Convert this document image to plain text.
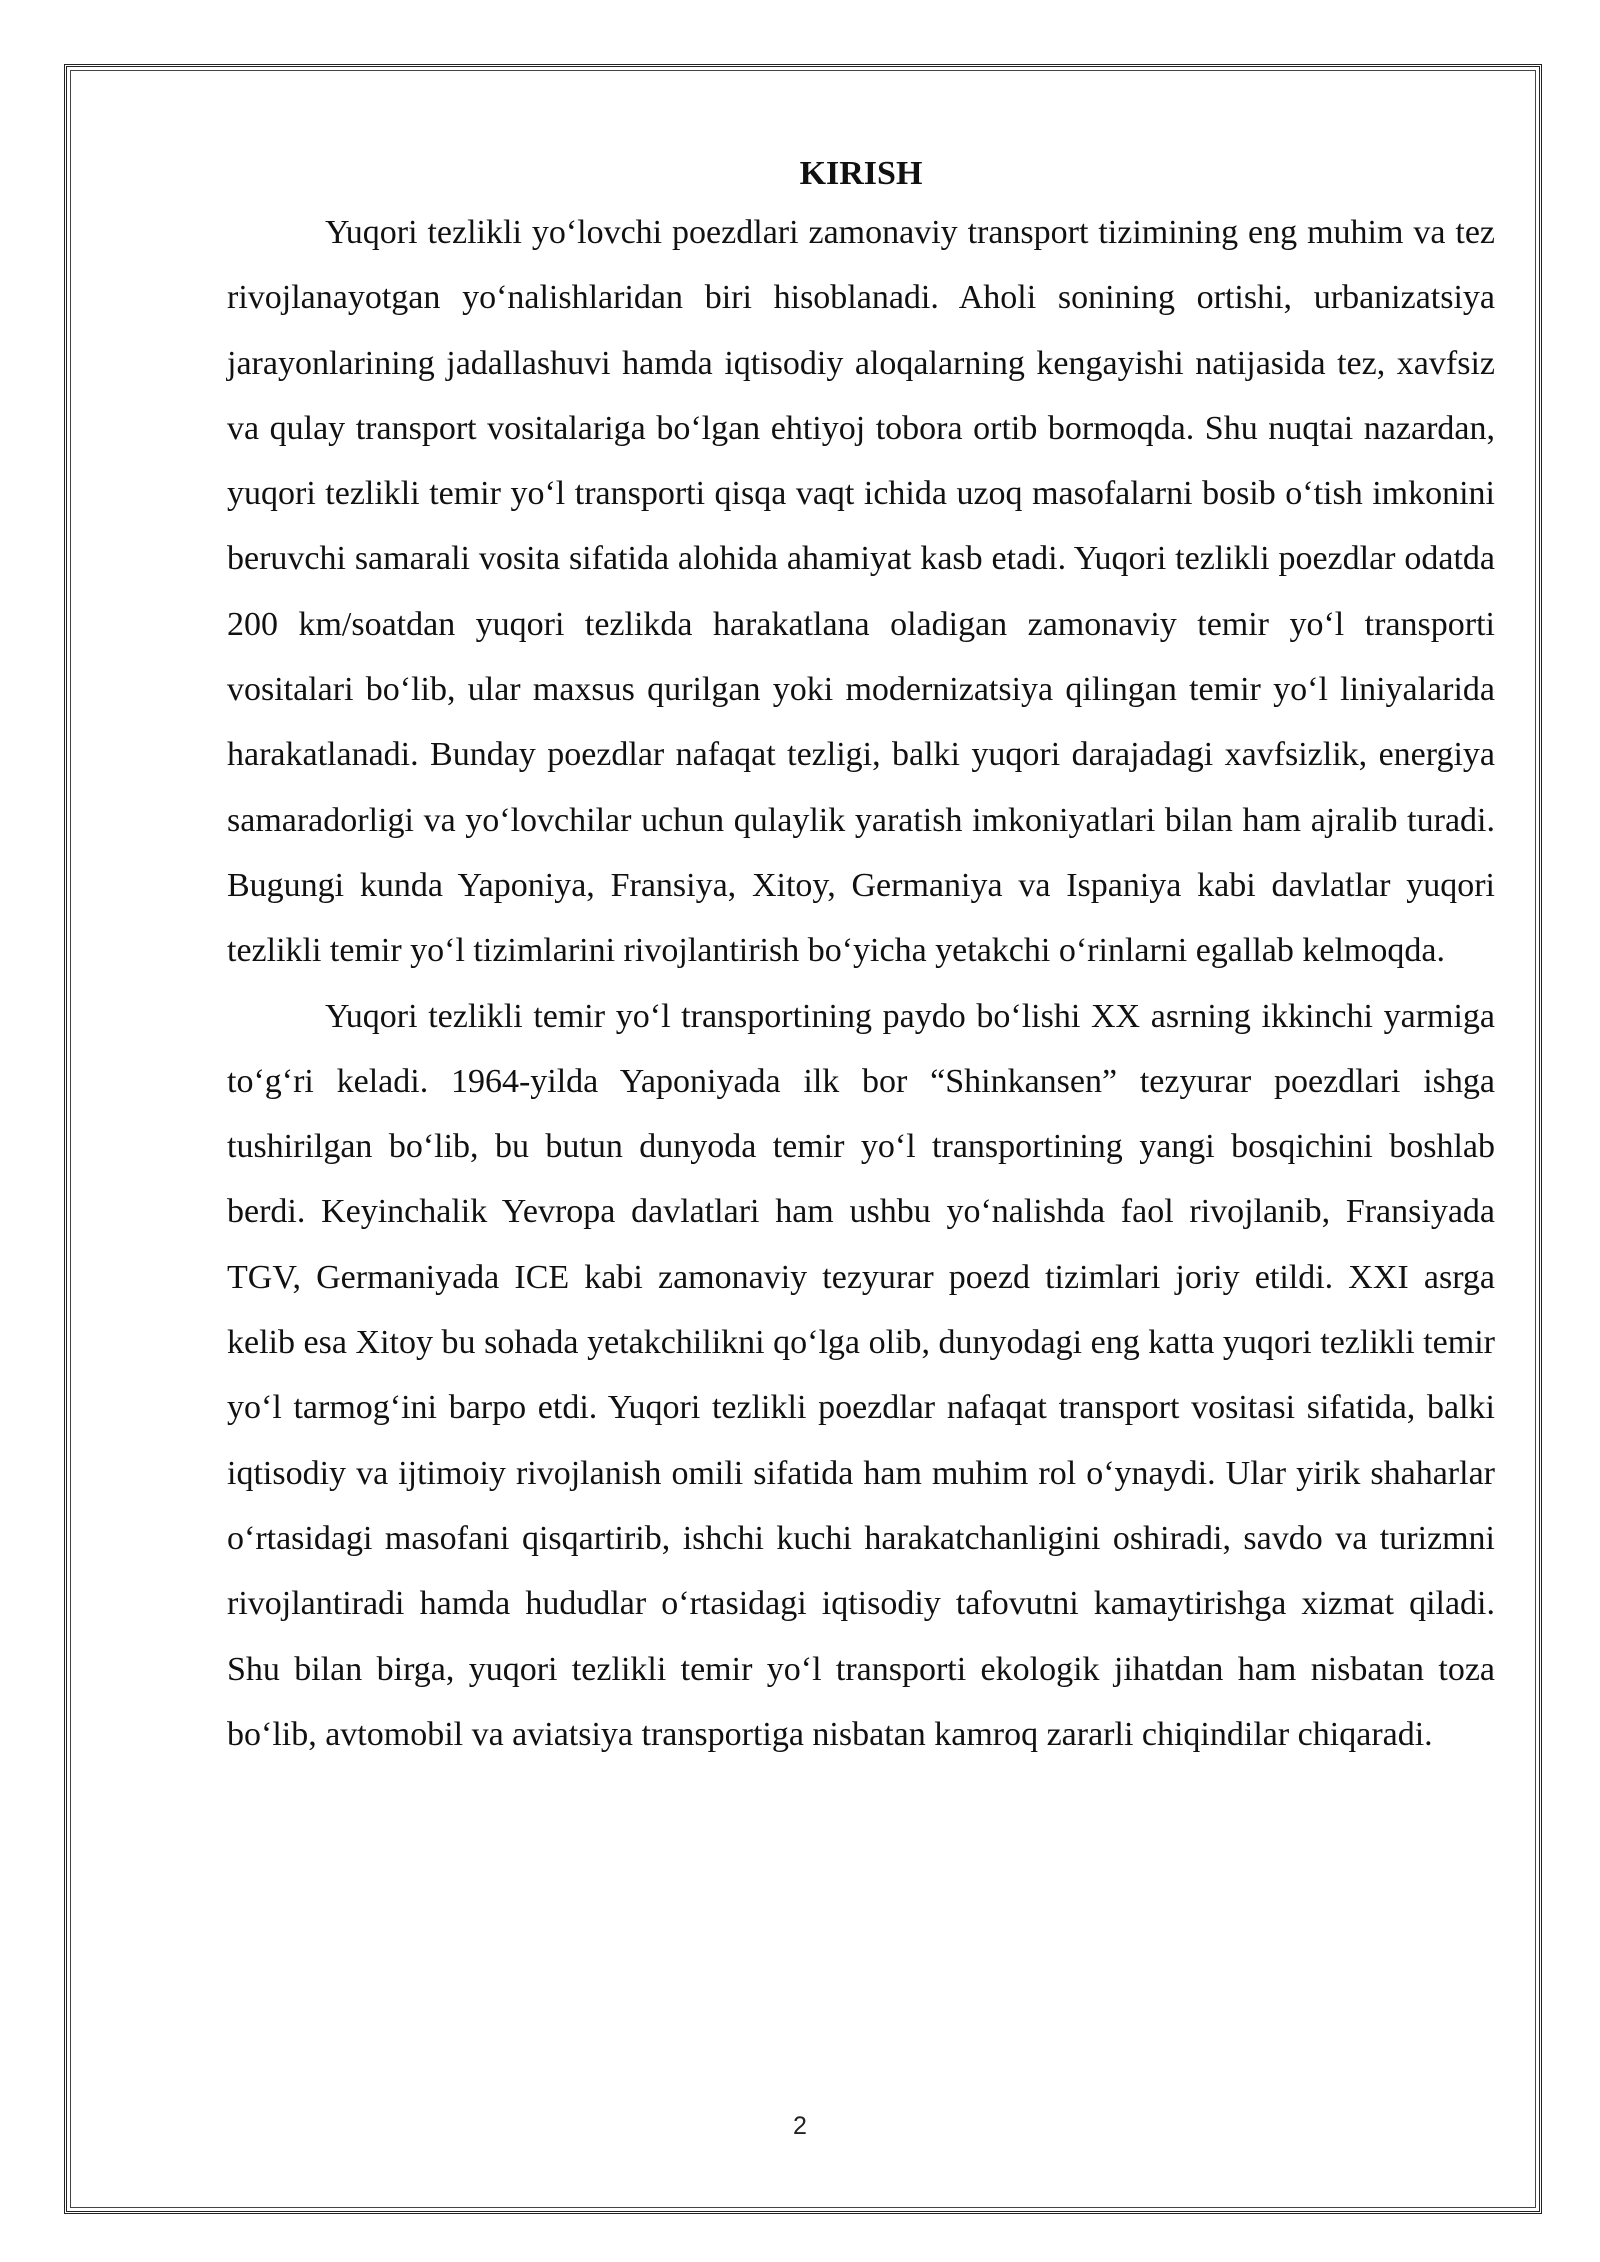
KIRISH

Yuqori tezlikli yoʻlovchi poezdlari zamonaviy transport tizimining eng muhim va tez rivojlanayotgan yoʻnalishlaridan biri hisoblanadi. Aholi sonining ortishi, urbanizatsiya jarayonlarining jadallashuvi hamda iqtisodiy aloqalarning kengayishi natijasida tez, xavfsiz va qulay transport vositalariga boʻlgan ehtiyoj tobora ortib bormoqda. Shu nuqtai nazardan, yuqori tezlikli temir yoʻl transporti qisqa vaqt ichida uzoq masofalarni bosib oʻtish imkonini beruvchi samarali vosita sifatida alohida ahamiyat kasb etadi. Yuqori tezlikli poezdlar odatda 200 km/soatdan yuqori tezlikda harakatlana oladigan zamonaviy temir yoʻl transporti vositalari boʻlib, ular maxsus qurilgan yoki modernizatsiya qilingan temir yoʻl liniyalarida harakatlanadi. Bunday poezdlar nafaqat tezligi, balki yuqori darajadagi xavfsizlik, energiya samaradorligi va yoʻlovchilar uchun qulaylik yaratish imkoniyatlari bilan ham ajralib turadi. Bugungi kunda Yaponiya, Fransiya, Xitoy, Germaniya va Ispaniya kabi davlatlar yuqori tezlikli temir yoʻl tizimlarini rivojlantirish boʻyicha yetakchi oʻrinlarni egallab kelmoqda.

Yuqori tezlikli temir yoʻl transportining paydo boʻlishi XX asrning ikkinchi yarmiga toʻgʻri keladi. 1964-yilda Yaponiyada ilk bor “Shinkansen” tezyurar poezdlari ishga tushirilgan boʻlib, bu butun dunyoda temir yoʻl transportining yangi bosqichini boshlab berdi. Keyinchalik Yevropa davlatlari ham ushbu yoʻnalishda faol rivojlanib, Fransiyada TGV, Germaniyada ICE kabi zamonaviy tezyurar poezd tizimlari joriy etildi. XXI asrga kelib esa Xitoy bu sohada yetakchilikni qoʻlga olib, dunyodagi eng katta yuqori tezlikli temir yoʻl tarmogʻini barpo etdi. Yuqori tezlikli poezdlar nafaqat transport vositasi sifatida, balki iqtisodiy va ijtimoiy rivojlanish omili sifatida ham muhim rol oʻynaydi. Ular yirik shaharlar oʻrtasidagi masofani qisqartirib, ishchi kuchi harakatchanligini oshiradi, savdo va turizmni rivojlantiradi hamda hududlar oʻrtasidagi iqtisodiy tafovutni kamaytirishga xizmat qiladi. Shu bilan birga, yuqori tezlikli temir yoʻl transporti ekologik jihatdan ham nisbatan toza boʻlib, avtomobil va aviatsiya transportiga nisbatan kamroq zararli chiqindilar chiqaradi.

2
